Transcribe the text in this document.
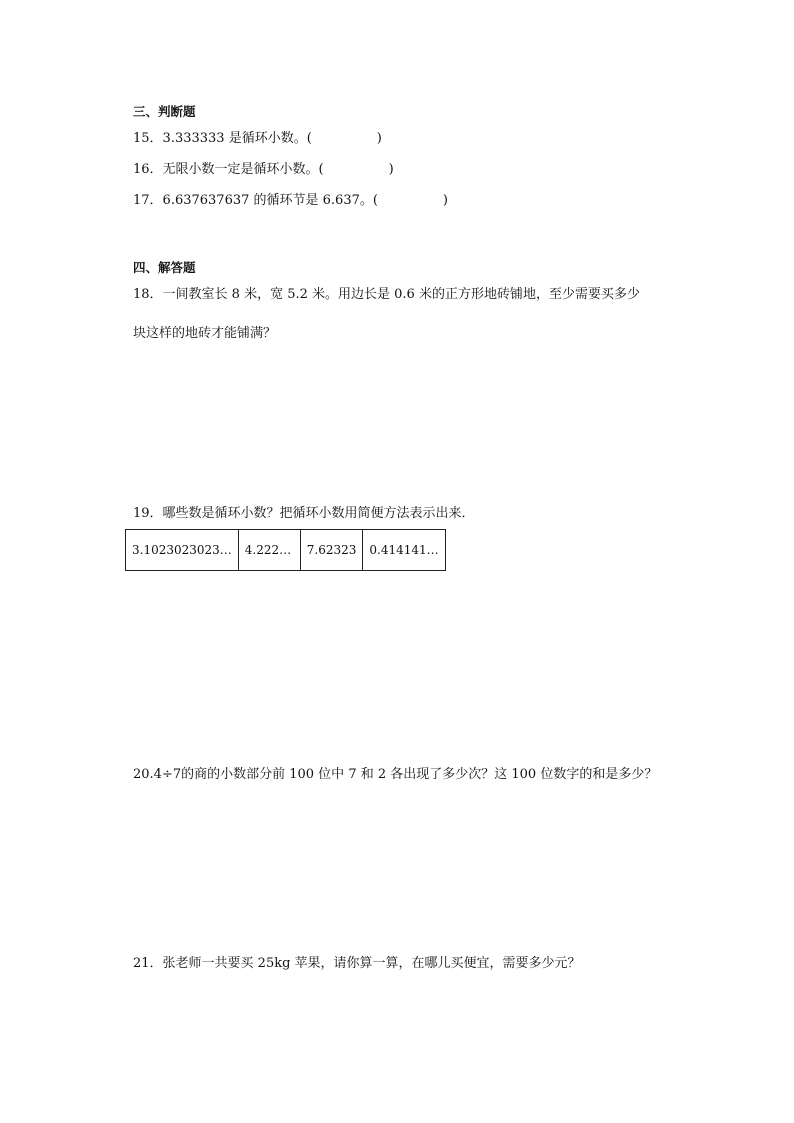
三、判断题
15．3.333333 是循环小数。(　　　　　)
16．无限小数一定是循环小数。(　　　　　)
17．6.637637637 的循环节是 6.637。(　　　　　)
四、解答题
18．一间教室长 8 米，宽 5.2 米。用边长是 0.6 米的正方形地砖铺地，至少需要买多少
块这样的地砖才能铺满？
19．哪些数是循环小数？把循环小数用简便方法表示出来．
3.1023023023…	4.222…	7.62323	0.414141…
20.4÷7的商的小数部分前 100 位中 7 和 2 各出现了多少次？这 100 位数字的和是多少？
21．张老师一共要买 25kg 苹果，请你算一算，在哪儿买便宜，需要多少元？
